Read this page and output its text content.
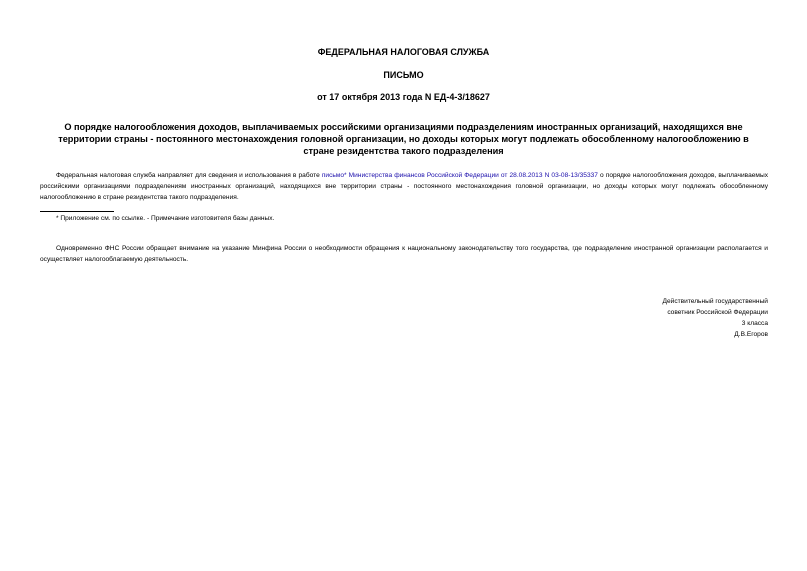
ФЕДЕРАЛЬНАЯ НАЛОГОВАЯ СЛУЖБА

ПИСЬМО

от 17 октября 2013 года N ЕД-4-3/18627

О порядке налогообложения доходов, выплачиваемых российскими организациями подразделениям иностранных организаций, находящихся вне территории страны - постоянного местонахождения головной организации, но доходы которых могут подлежать обособленному налогообложению в стране резидентства такого подразделения

Федеральная налоговая служба направляет для сведения и использования в работе письмо* Министерства финансов Российской Федерации от 28.08.2013 N 03-08-13/35337 о порядке налогообложения доходов, выплачиваемых российскими организациями подразделениям иностранных организаций, находящихся вне территории страны - постоянного местонахождения головной организации, но доходы которых могут подлежать обособленному налогообложению в стране резидентства такого подразделения.

* Приложение см. по ссылке. - Примечание изготовителя базы данных.

Одновременно ФНС России обращает внимание на указание Минфина России о необходимости обращения к национальному законодательству того государства, где подразделение иностранной организации располагается и осуществляет налогооблагаемую деятельность.

Действительный государственный
советник Российской Федерации
3 класса
Д.В.Егоров
